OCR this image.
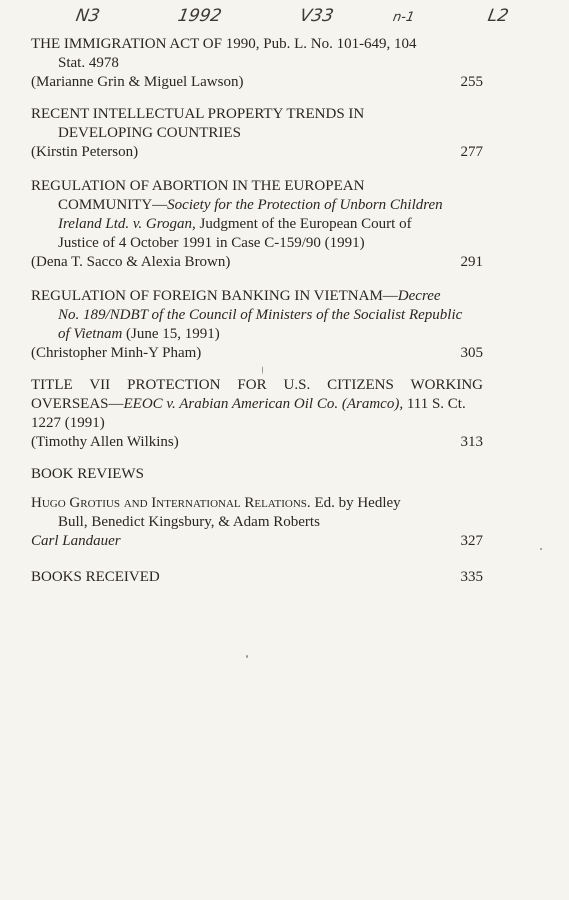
N3	1992	V33	n-1	L2
THE IMMIGRATION ACT OF 1990, Pub. L. No. 101-649, 104
Stat. 4978
(Marianne Grin & Miguel Lawson)	255
RECENT INTELLECTUAL PROPERTY TRENDS IN
DEVELOPING COUNTRIES
(Kirstin Peterson)	277
REGULATION OF ABORTION IN THE EUROPEAN
COMMUNITY—Society for the Protection of Unborn Children
Ireland Ltd. v. Grogan, Judgment of the European Court of
Justice of 4 October 1991 in Case C-159/90 (1991)
(Dena T. Sacco & Alexia Brown)	291
REGULATION OF FOREIGN BANKING IN VIETNAM—Decree
No. 189/NDBT of the Council of Ministers of the Socialist Republic
of Vietnam (June 15, 1991)
(Christopher Minh-Y Pham)	305
TITLE VII PROTECTION FOR U.S. CITIZENS WORKING
OVERSEAS—EEOC v. Arabian American Oil Co. (Aramco), 111 S. Ct.
1227 (1991)
(Timothy Allen Wilkins)	313
BOOK REVIEWS
Hugo Grotius and International Relations. Ed. by Hedley
Bull, Benedict Kingsbury, & Adam Roberts
Carl Landauer	327
BOOKS RECEIVED	335
